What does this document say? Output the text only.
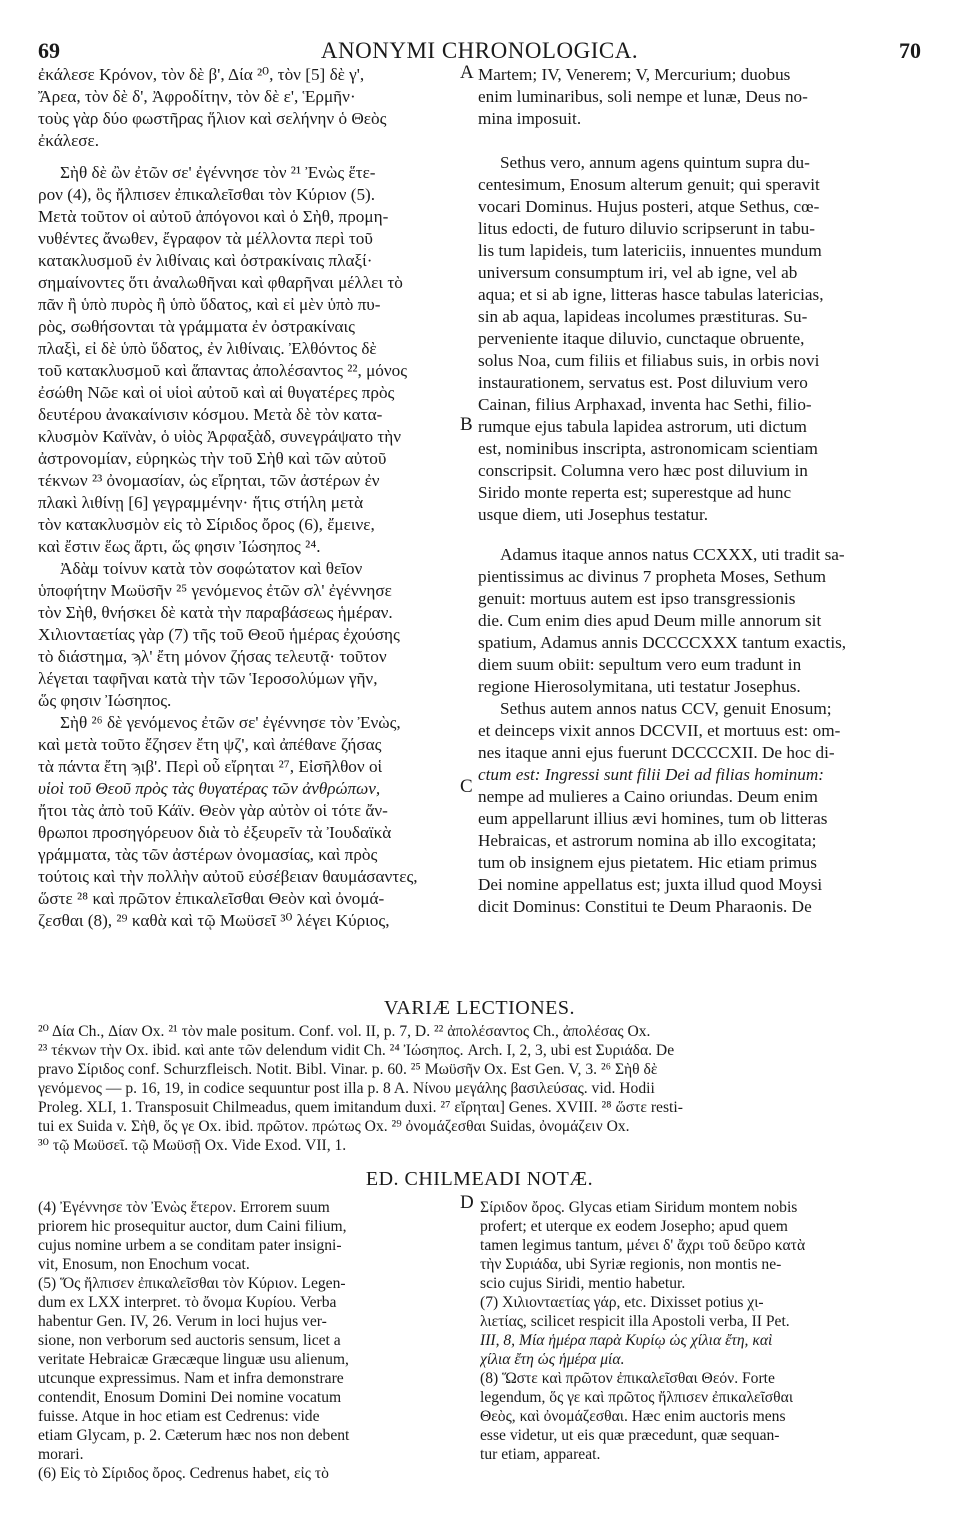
69	ANONYMI CHRONOLOGICA.	70
A
B
C
D
ἐκάλεσε Κρόνον, τὸν δὲ β', Δία ²⁰, τὸν [5] δὲ γ',
Ἄρεα, τὸν δὲ δ', Ἀφροδίτην, τὸν δὲ ε', Ἑρμῆν·
τοὺς γὰρ δύο φωστῆρας ἥλιον καὶ σελήνην ὁ Θεὸς
ἐκάλεσε.
Σὴθ δὲ ὢν ἐτῶν σε' ἐγέννησε τὸν ²¹ Ἐνὼς ἕτε-
ρον (4), ὃς ἤλπισεν ἐπικαλεῖσθαι τὸν Κύριον (5).
Μετὰ τοῦτον οἱ αὐτοῦ ἀπόγονοι καὶ ὁ Σὴθ, προμη-
νυθέντες ἄνωθεν, ἔγραφον τὰ μέλλοντα περὶ τοῦ
κατακλυσμοῦ ἐν λιθίναις καὶ ὀστρακίναις πλαξί·
σημαίνοντες ὅτι ἀναλωθῆναι καὶ φθαρῆναι μέλλει τὸ
πᾶν ἢ ὑπὸ πυρὸς ἢ ὑπὸ ὕδατος, καὶ εἰ μὲν ὑπὸ πυ-
ρὸς, σωθήσονται τὰ γράμματα ἐν ὀστρακίναις
πλαξὶ, εἰ δὲ ὑπὸ ὕδατος, ἐν λιθίναις. Ἐλθόντος δὲ
τοῦ κατακλυσμοῦ καὶ ἅπαντας ἀπολέσαντος ²², μόνος
ἐσώθη Νῶε καὶ οἱ υἱοὶ αὐτοῦ καὶ αἱ θυγατέρες πρὸς
δευτέρου ἀνακαίνισιν κόσμου. Μετὰ δὲ τὸν κατα-
κλυσμὸν Καϊνὰν, ὁ υἱὸς Ἀρφαξὰδ, συνεγράψατο τὴν
ἀστρονομίαν, εὑρηκὼς τὴν τοῦ Σὴθ καὶ τῶν αὐτοῦ
τέκνων ²³ ὀνομασίαν, ὡς εἴρηται, τῶν ἀστέρων ἐν
πλακὶ λιθίνῃ [6] γεγραμμένην· ἥτις στήλη μετὰ
τὸν κατακλυσμὸν εἰς τὸ Σίριδος ὄρος (6), ἔμεινε,
καὶ ἔστιν ἕως ἄρτι, ὥς φησιν Ἰώσηπος ²⁴.
Ἀδὰμ τοίνυν κατὰ τὸν σοφώτατον καὶ θεῖον
ὑποφήτην Μωϋσῆν ²⁵ γενόμενος ἐτῶν σλ' ἐγέννησε
τὸν Σὴθ, θνήσκει δὲ κατὰ τὴν παραβάσεως ἡμέραν.
Χιλιονταετίας γὰρ (7) τῆς τοῦ Θεοῦ ἡμέρας ἐχούσης
τὸ διάστημα, ϡλ' ἔτη μόνον ζήσας τελευτᾷ· τοῦτον
λέγεται ταφῆναι κατὰ τὴν τῶν Ἱεροσολύμων γῆν,
ὥς φησιν Ἰώσηπος.
Σὴθ ²⁶ δὲ γενόμενος ἐτῶν σε' ἐγέννησε τὸν Ἐνὼς,
καὶ μετὰ τοῦτο ἔζησεν ἔτη ψζ', καὶ ἀπέθανε ζήσας
τὰ πάντα ἔτη ϡιβ'. Περὶ οὗ εἴρηται ²⁷, Εἰσῆλθον οἱ
υἱοὶ τοῦ Θεοῦ πρὸς τὰς θυγατέρας τῶν ἀνθρώπων,
ἤτοι τὰς ἀπὸ τοῦ Κάϊν. Θεὸν γὰρ αὐτὸν οἱ τότε ἄν-
θρωποι προσηγόρευον διὰ τὸ ἐξευρεῖν τὰ Ἰουδαϊκὰ
γράμματα, τὰς τῶν ἀστέρων ὀνομασίας, καὶ πρὸς
τούτοις καὶ τὴν πολλὴν αὐτοῦ εὐσέβειαν θαυμάσαντες,
ὥστε ²⁸ καὶ πρῶτον ἐπικαλεῖσθαι Θεὸν καὶ ὀνομά-
ζεσθαι (8), ²⁹ καθὰ καὶ τῷ Μωϋσεῖ ³⁰ λέγει Κύριος,
Martem; IV, Venerem; V, Mercurium; duobus
enim luminaribus, soli nempe et lunæ, Deus no-
mina imposuit.
Sethus vero, annum agens quintum supra du-
centesimum, Enosum alterum genuit; qui speravit
vocari Dominus. Hujus posteri, atque Sethus, cœ-
litus edocti, de futuro diluvio scripserunt in tabu-
lis tum lapideis, tum latericiis, innuentes mundum
universum consumptum iri, vel ab igne, vel ab
aqua; et si ab igne, litteras hasce tabulas latericias,
sin ab aqua, lapideas incolumes præstituras. Su-
perveniente itaque diluvio, cunctaque obruente,
solus Noa, cum filiis et filiabus suis, in orbis novi
instaurationem, servatus est. Post diluvium vero
Cainan, filius Arphaxad, inventa hac Sethi, filio-
rumque ejus tabula lapidea astrorum, uti dictum
est, nominibus inscripta, astronomicam scientiam
conscripsit. Columna vero hæc post diluvium in
Sirido monte reperta est; superestque ad hunc
usque diem, uti Josephus testatur.
Adamus itaque annos natus CCXXX, uti tradit sa-
pientissimus ac divinus 7 propheta Moses, Sethum
genuit: mortuus autem est ipso transgressionis
die. Cum enim dies apud Deum mille annorum sit
spatium, Adamus annis DCCCCXXX tantum exactis,
diem suum obiit: sepultum vero eum tradunt in
regione Hierosolymitana, uti testatur Josephus.
Sethus autem annos natus CCV, genuit Enosum;
et deinceps vixit annos DCCVII, et mortuus est: om-
nes itaque anni ejus fuerunt DCCCCXII. De hoc di-
ctum est: Ingressi sunt filii Dei ad filias hominum:
nempe ad mulieres a Caino oriundas. Deum enim
eum appellarunt illius ævi homines, tum ob litteras
Hebraicas, et astrorum nomina ab illo excogitata;
tum ob insignem ejus pietatem. Hic etiam primus
Dei nomine appellatus est; juxta illud quod Moysi
dicit Dominus: Constitui te Deum Pharaonis. De
VARIÆ LECTIONES.
²⁰ Δία Ch., Δίαν Ox. ²¹ τὸν male positum. Conf. vol. II, p. 7, D. ²² ἀπολέσαντος Ch., ἀπολέσας Ox.
²³ τέκνων τὴν Ox. ibid. καὶ ante τῶν delendum vidit Ch. ²⁴ Ἰώσηπος. Arch. I, 2, 3, ubi est Συριάδα. De
pravo Σίριδος conf. Schurzfleisch. Notit. Bibl. Vinar. p. 60. ²⁵ Μωϋσῆν Ox. Est Gen. V, 3. ²⁶ Σὴθ δὲ
γενόμενος — p. 16, 19, in codice sequuntur post illa p. 8 A. Νίνου μεγάλης βασιλεύσας. vid. Hodii
Proleg. XLI, 1. Transposuit Chilmeadus, quem imitandum duxi. ²⁷ εἴρηται] Genes. XVIII. ²⁸ ὥστε resti-
tui ex Suida v. Σὴθ, ὅς γε Ox. ibid. πρῶτον. πρώτως Ox. ²⁹ ὀνομάζεσθαι Suidas, ὀνομάζειν Ox.
³⁰ τῷ Μωϋσεῖ. τῷ Μωϋσῇ Ox. Vide Exod. VII, 1.
ED. CHILMEADI NOTÆ.
(4) Ἐγέννησε τὸν Ἐνὼς ἕτερον. Errorem suum
priorem hic prosequitur auctor, dum Caini filium,
cujus nomine urbem a se conditam pater insigni-
vit, Enosum, non Enochum vocat.
(5) Ὅς ἤλπισεν ἐπικαλεῖσθαι τὸν Κύριον. Legen-
dum ex LXX interpret. τὸ ὄνομα Κυρίου. Verba
habentur Gen. IV, 26. Verum in loci hujus ver-
sione, non verborum sed auctoris sensum, licet a
veritate Hebraicæ Græcæque linguæ usu alienum,
utcunque expressimus. Nam et infra demonstrare
contendit, Enosum Domini Dei nomine vocatum
fuisse. Atque in hoc etiam est Cedrenus: vide
etiam Glycam, p. 2. Cæterum hæc nos non debent
morari.
(6) Εἰς τὸ Σίριδος ὄρος. Cedrenus habet, εἰς τὸ
Σίριδον ὄρος. Glycas etiam Siridum montem nobis
profert; et uterque ex eodem Josepho; apud quem
tamen legimus tantum, μένει δ' ἄχρι τοῦ δεῦρο κατὰ
τὴν Συριάδα, ubi Syriæ regionis, non montis ne-
scio cujus Siridi, mentio habetur.
(7) Χιλιονταετίας γάρ, etc. Dixisset potius χι-
λιετίας, scilicet respicit illa Apostoli verba, II Pet.
III, 8, Μία ἡμέρα παρὰ Κυρίῳ ὡς χίλια ἔτη, καὶ
χίλια ἔτη ὡς ἡμέρα μία.
(8) Ὥστε καὶ πρῶτον ἐπικαλεῖσθαι Θεόν. Forte
legendum, ὅς γε καὶ πρῶτος ἤλπισεν ἐπικαλεῖσθαι
Θεὸς, καὶ ὀνομάζεσθαι. Hæc enim auctoris mens
esse videtur, ut eis quæ præcedunt, quæ sequan-
tur etiam, appareat.
